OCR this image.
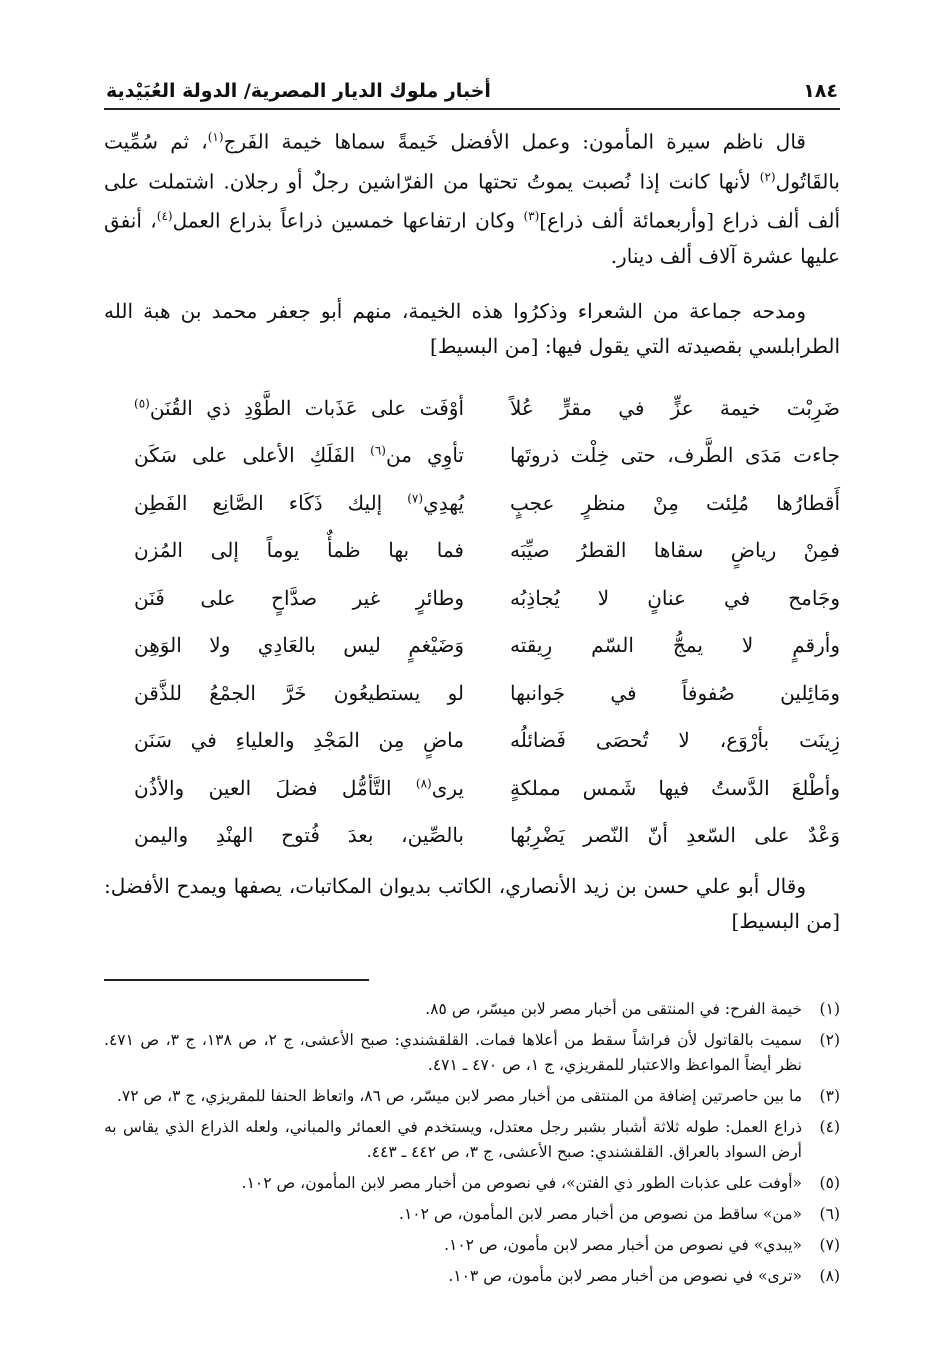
١٨٤
أخبار ملوك الديار المصرية/ الدولة العُبَيْدية

قال ناظم سيرة المأمون: وعمل الأفضل خَيمةً سماها خيمة الفَرج$^{(١)}$، ثم سُمِّيت بالقَاتُول$^{(٢)}$ لأنها كانت إذا نُصبت يموتُ تحتها من الفرّاشين رجلٌ أو رجلان. اشتملت على ألف ألف ذراع [وأربعمائة ألف ذراع]$^{(٣)}$ وكان ارتفاعها خمسين ذراعاً بذراع العمل$^{(٤)}$، أنفق عليها عشرة آلاف ألف دينار.

ومدحه جماعة من الشعراء وذكرُوا هذه الخيمة، منهم أبو جعفر محمد بن هبة الله الطرابلسي بقصيدته التي يقول فيها: [من البسيط]

ضَرِبْت خيمة عزٍّ في مقرٍّ عُلاً
أوْفَت على عَذَبات الطَّوْدِ ذي القُنَن$^{(٥)}$
جاءت مَدَى الطَّرف، حتى خِلْت ذروتَها
تأوِي من$^{(٦)}$ الفَلَكِ الأعلى على سَكَن
أَقطارُها مُلِئت مِنْ منظرٍ عجبٍ
يُهدِي$^{(٧)}$ إليك ذَكَاء الصَّانِع الفَطِن
فمِنْ رياضٍ سقاها القطرُ صيِّبَه
فما بها ظمأٌ يوماً إلى المُزن
وجَامح في عنانٍ لا يُجاذِبُه
وطائرٍ غير صدَّاحٍ على فَنَن
وأرقمٍ لا يمجُّ السّم رِيقته
وَضَيْغمٍ ليس بالعَادِي ولا الوَهِن
ومَائِلين صُفوفاً في جَوانبها
لو يستطيعُون خَرَّ الجمْعُ للذَّقن
زِينَت بأرْوَع، لا تُحصَى فَضائلُه
ماضٍ مِن المَجْدِ والعلياءِ في سَنَن
وأطْلعَ الدَّستُ فيها شَمس مملكةٍ
يرى$^{(٨)}$ التَّأمُّل فضلَ العين والأذُن
وَعْدٌ على السّعدِ أنّ النّصر يَضْرِبُها
بالصِّين، بعدَ فُتوح الهنْدِ واليمن

وقال أبو علي حسن بن زيد الأنصاري، الكاتب بديوان المكاتبات، يصفها ويمدح الأفضل: [من البسيط]

(١)
خيمة الفرح: في المنتقى من أخبار مصر لابن ميسّر، ص ٨٥.
(٢)
سميت بالقاتول لأن فراشاً سقط من أعلاها فمات. القلقشندي: صبح الأعشى، ج ٢، ص ١٣٨، ج ٣، ص ٤٧١. نظر أيضاً المواعظ والاعتبار للمقريزي، ج ١، ص ٤٧٠ ـ ٤٧١.
(٣)
ما بين حاصرتين إضافة من المنتقى من أخبار مصر لابن ميسّر، ص ٨٦، واتعاظ الحنفا للمقريزي، ج ٣، ص ٧٢.
(٤)
ذراع العمل: طوله ثلاثة أشبار بشبر رجل معتدل، ويستخدم في العمائر والمباني، ولعله الذراع الذي يقاس به أرض السواد بالعراق. القلقشندي: صبح الأعشى، ج ٣، ص ٤٤٢ ـ ٤٤٣.
(٥)
«أوفت على عذبات الطور ذي الفتن»، في نصوص من أخبار مصر لابن المأمون، ص ١٠٢.
(٦)
«من» ساقط من نصوص من أخبار مصر لابن المأمون، ص ١٠٢.
(٧)
«يبدي» في نصوص من أخبار مصر لابن مأمون، ص ١٠٢.
(٨)
«ترى» في نصوص من أخبار مصر لابن مأمون، ص ١٠٣.
